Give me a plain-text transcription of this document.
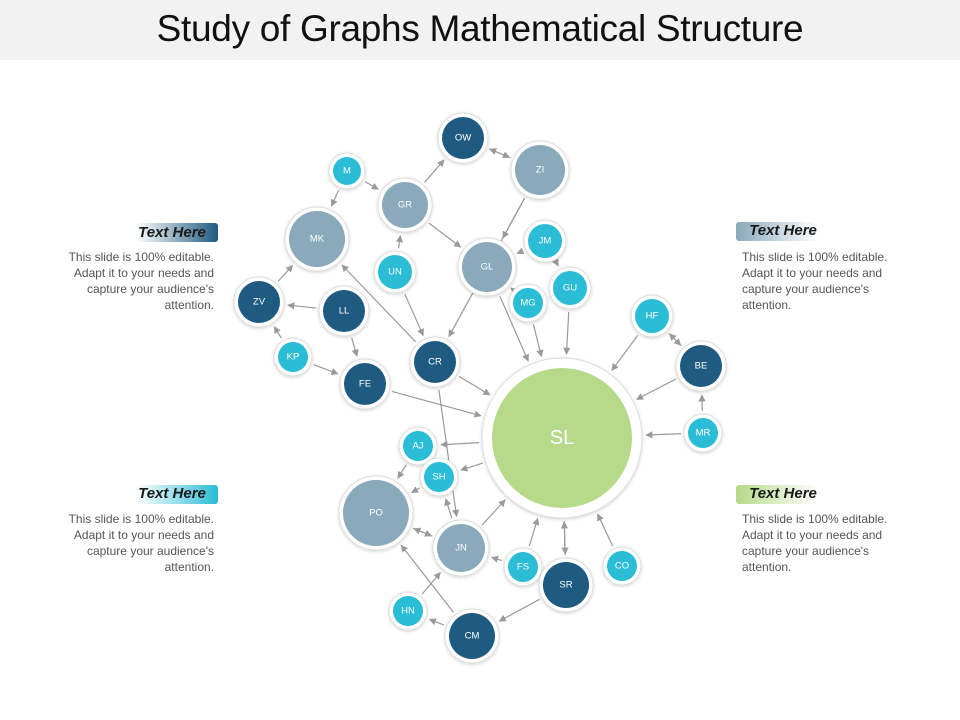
Study of Graphs Mathematical Structure
OW
ZI
M
GR
JM
MK
UN	GL
GU
ZV
LL
MG
HF
KP	CR	BE
FE
SL
AJ
MR
SH
PO
JN
FS	CO
SR
HN
CM
Text Here
This slide is 100% editable. Adapt it to your needs and capture your audience's attention.
Text Here
This slide is 100% editable. Adapt it to your needs and capture your audience's attention.
Text Here
This slide is 100% editable. Adapt it to your needs and capture your audience's attention.
Text Here
This slide is 100% editable. Adapt it to your needs and capture your audience's attention.
